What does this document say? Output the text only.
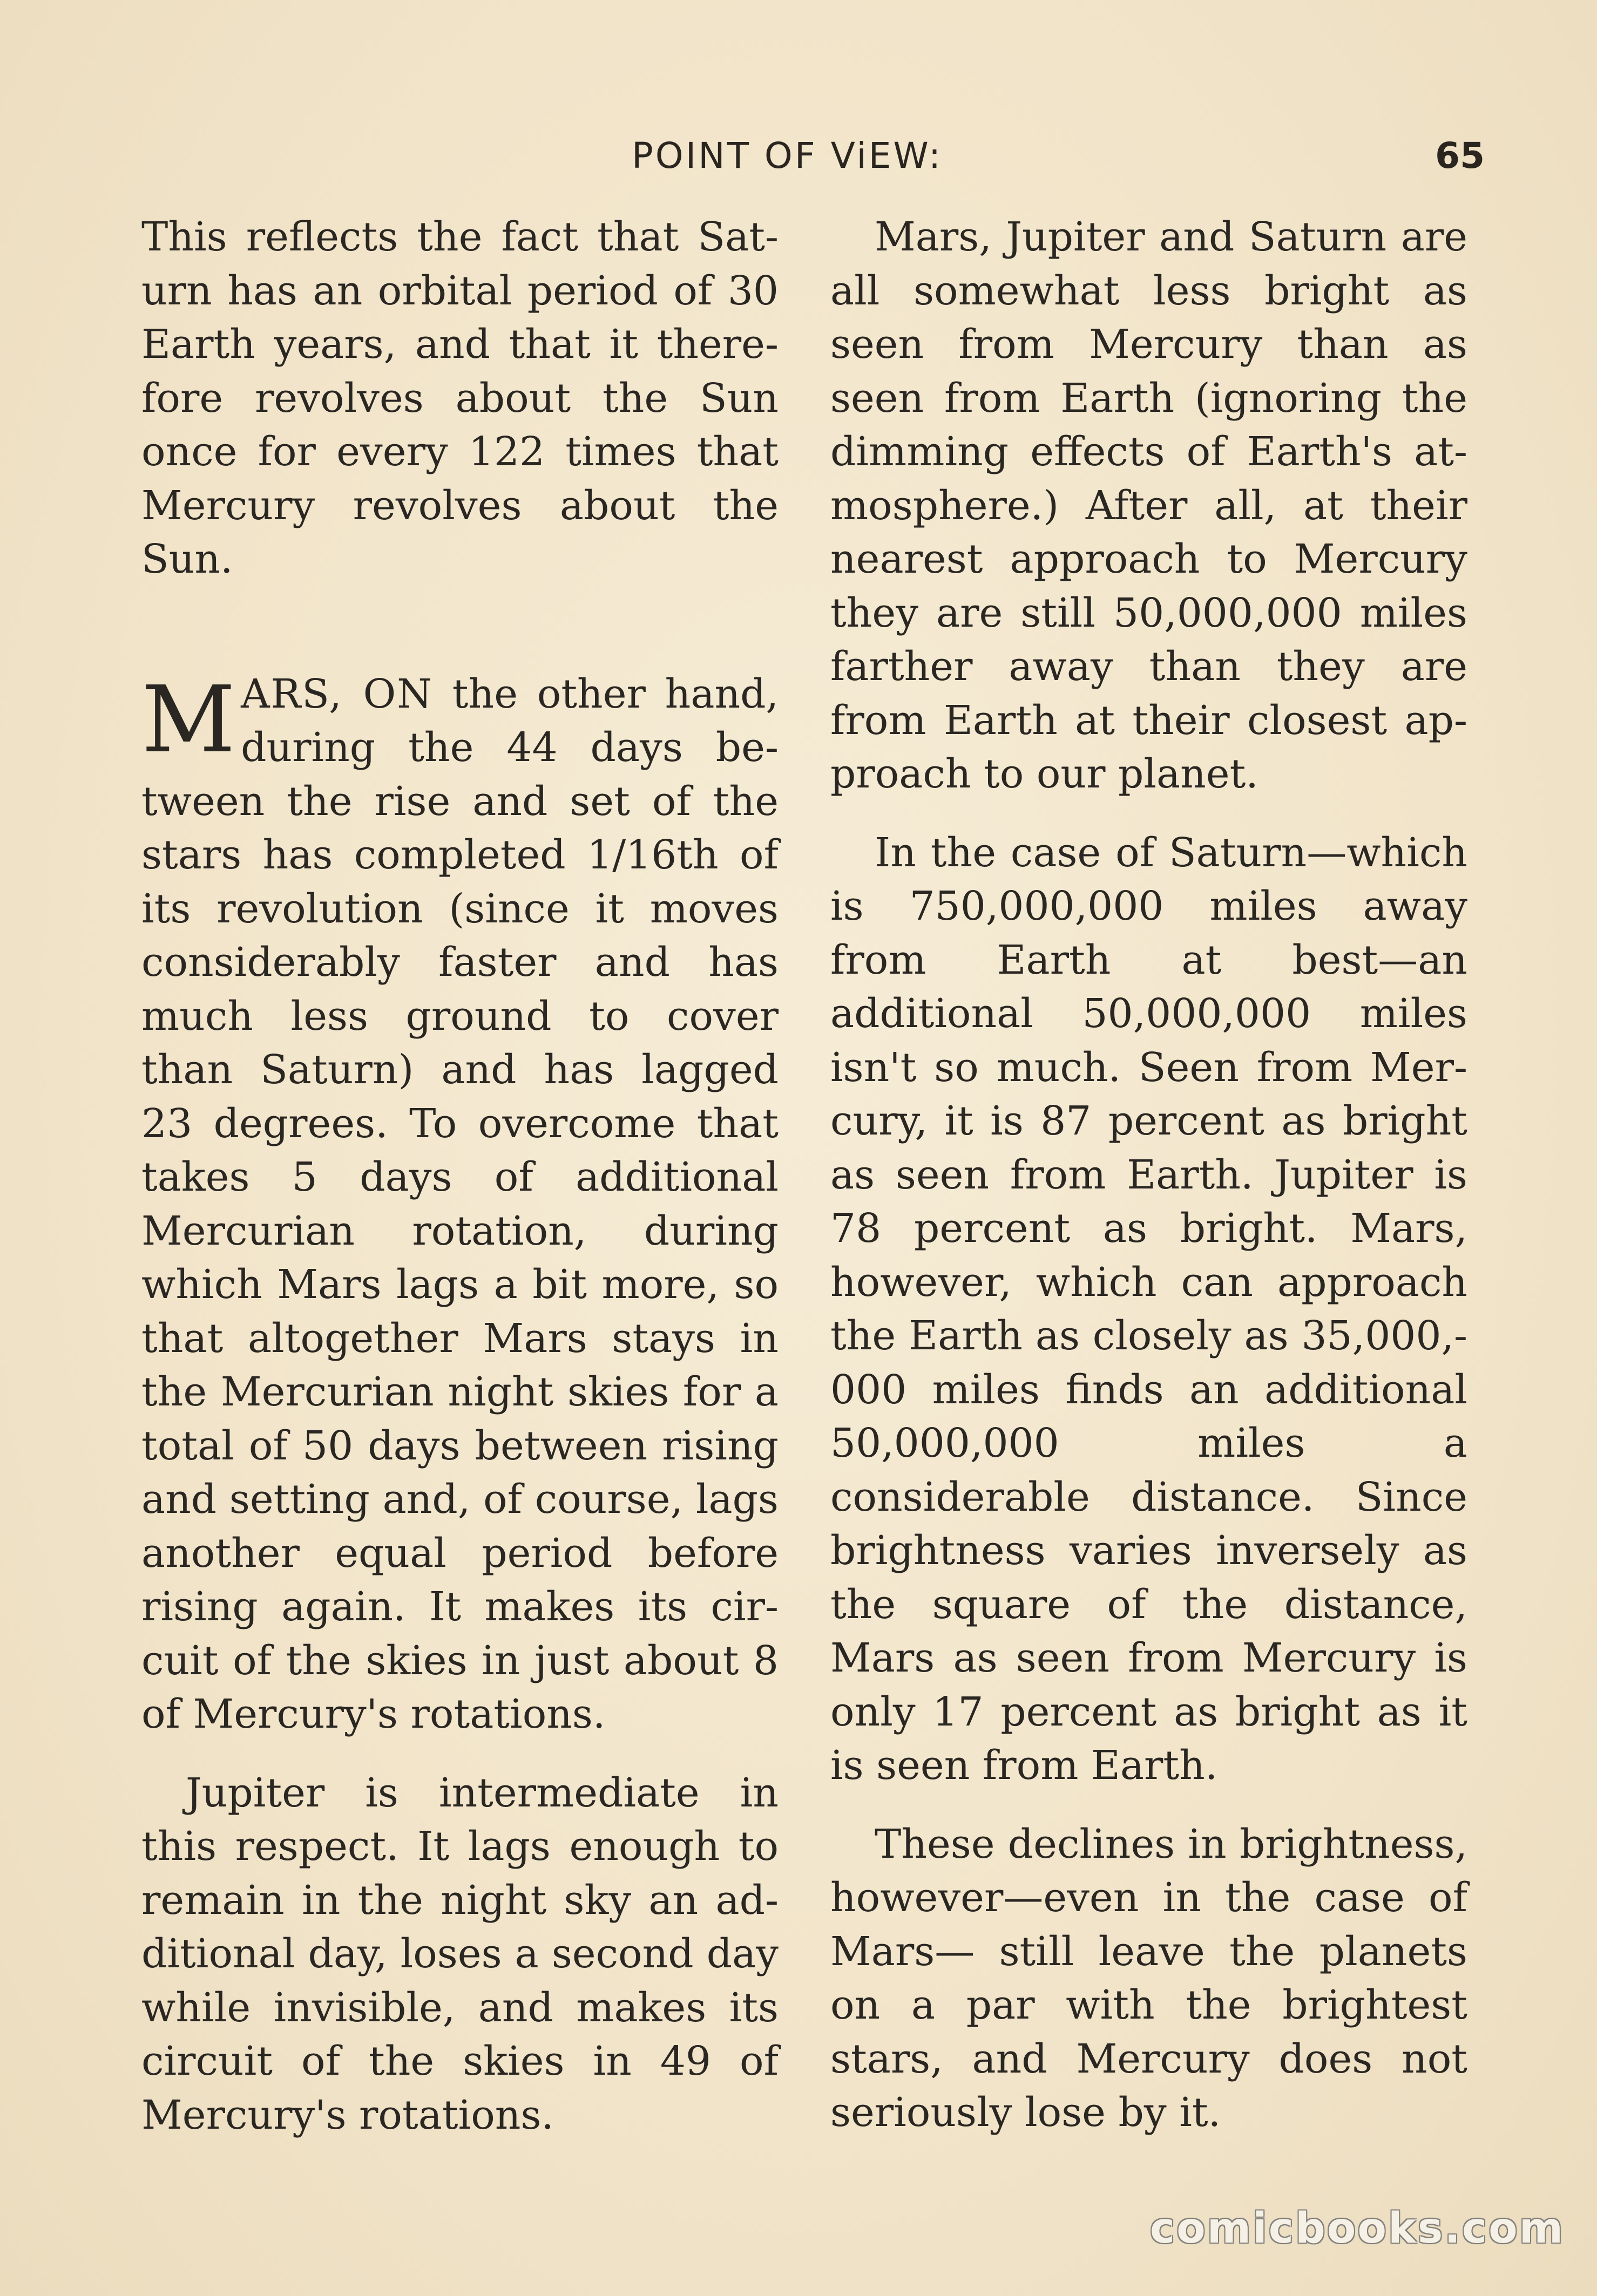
POINT OF ViEW:	65

This reflects the fact that Saturn has an orbital period of 30 Earth years, and that it therefore revolves about the Sun once for every 122 times that Mercury revolves about the Sun.

MARS, ON the other hand, during the 44 days between the rise and set of the stars has completed 1/16th of its revolution (since it moves considerably faster and has much less ground to cover than Saturn) and has lagged 23 degrees. To overcome that takes 5 days of additional Mercurian rotation, during which Mars lags a bit more, so that altogether Mars stays in the Mercurian night skies for a total of 50 days between rising and setting and, of course, lags another equal period before rising again. It makes its circuit of the skies in just about 8 of Mercury's rotations.

Jupiter is intermediate in this respect. It lags enough to remain in the night sky an additional day, loses a second day while invisible, and makes its circuit of the skies in 49 of Mercury's rotations.

Mars, Jupiter and Saturn are all somewhat less bright as seen from Mercury than as seen from Earth (ignoring the dimming effects of Earth's atmosphere.) After all, at their nearest approach to Mercury they are still 50,000,000 miles farther away than they are from Earth at their closest approach to our planet.

In the case of Saturn—which is 750,000,000 miles away from Earth at best—an additional 50,000,000 miles isn't so much. Seen from Mercury, it is 87 percent as bright as seen from Earth. Jupiter is 78 percent as bright. Mars, however, which can approach the Earth as closely as 35,000,000 miles finds an additional 50,000,000 miles a considerable distance. Since brightness varies inversely as the square of the distance, Mars as seen from Mercury is only 17 percent as bright as it is seen from Earth.

These declines in brightness, however—even in the case of Mars— still leave the planets on a par with the brightest stars, and Mercury does not seriously lose by it.

comicbooks.com
